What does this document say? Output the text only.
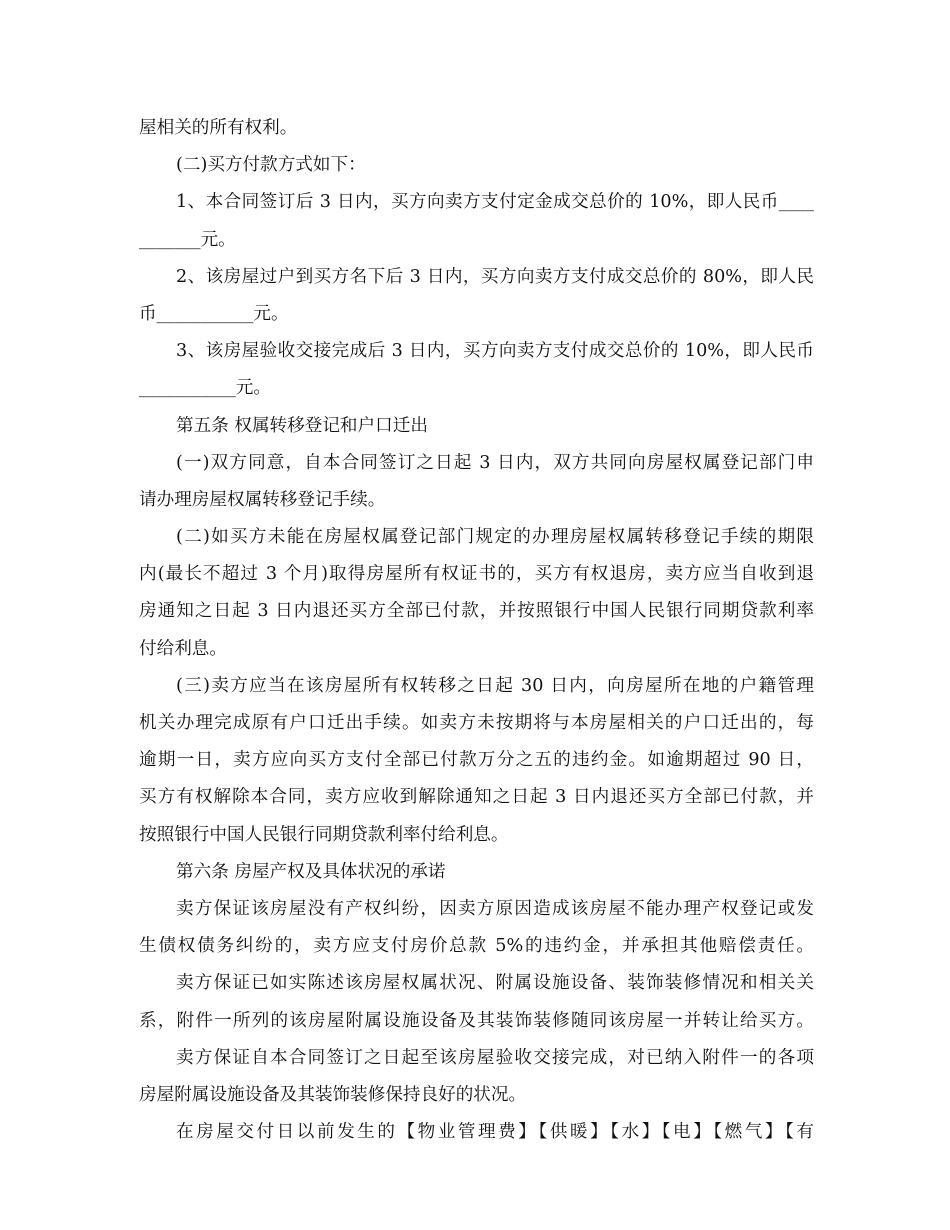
屋相关的所有权利。
(二)买方付款方式如下：
1、本合同签订后 3 日内，买方向卖方支付定金成交总价的 10%，即人民币____
_______元。
2、该房屋过户到买方名下后 3 日内，买方向卖方支付成交总价的 80%，即人民
币___________元。
3、该房屋验收交接完成后 3 日内，买方向卖方支付成交总价的 10%，即人民币
___________元。
第五条 权属转移登记和户口迁出
(一)双方同意，自本合同签订之日起 3 日内，双方共同向房屋权属登记部门申
请办理房屋权属转移登记手续。
(二)如买方未能在房屋权属登记部门规定的办理房屋权属转移登记手续的期限
内(最长不超过 3 个月)取得房屋所有权证书的，买方有权退房，卖方应当自收到退
房通知之日起 3 日内退还买方全部已付款，并按照银行中国人民银行同期贷款利率
付给利息。
(三)卖方应当在该房屋所有权转移之日起 30 日内，向房屋所在地的户籍管理
机关办理完成原有户口迁出手续。如卖方未按期将与本房屋相关的户口迁出的，每
逾期一日，卖方应向买方支付全部已付款万分之五的违约金。如逾期超过 90 日，
买方有权解除本合同，卖方应收到解除通知之日起 3 日内退还买方全部已付款，并
按照银行中国人民银行同期贷款利率付给利息。
第六条 房屋产权及具体状况的承诺
卖方保证该房屋没有产权纠纷，因卖方原因造成该房屋不能办理产权登记或发
生债权债务纠纷的，卖方应支付房价总款 5%的违约金，并承担其他赔偿责任。
卖方保证已如实陈述该房屋权属状况、附属设施设备、装饰装修情况和相关关
系，附件一所列的该房屋附属设施设备及其装饰装修随同该房屋一并转让给买方。
卖方保证自本合同签订之日起至该房屋验收交接完成，对已纳入附件一的各项
房屋附属设施设备及其装饰装修保持良好的状况。
在房屋交付日以前发生的【物业管理费】【供暖】【水】【电】【燃气】【有
